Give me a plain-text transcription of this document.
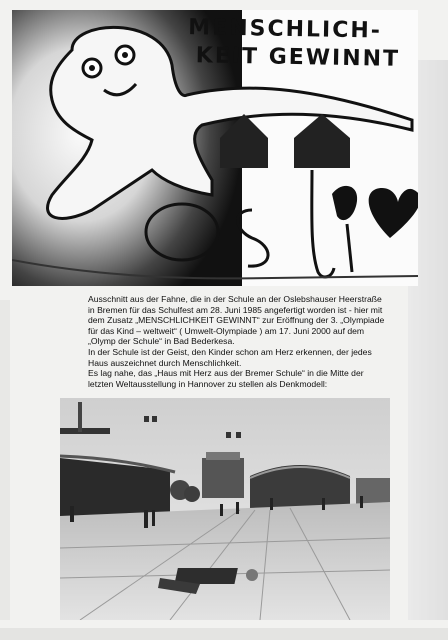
MENSCHLICH-
KEIT GEWINNT

Ausschnitt aus der Fahne, die in der Schule an der Oslebshauser Heerstraße in Bremen für das Schulfest am 28. Juni 1985 angefertigt worden ist - hier mit dem Zusatz „MENSCHLICHKEIT GEWINNT“ zur Eröffnung der 3. „Olympiade für das Kind – weltweit“ ( Umwelt-Olympiade ) am 17. Juni 2000 auf dem „Olymp der Schule“ in Bad Bederkesa.

In der Schule ist der Geist, den Kinder schon am Herz erkennen, der jedes Haus auszeichnet durch Menschlichkeit.

Es lag nahe, das „Haus mit Herz aus der Bremer Schule“ in die Mitte der letzten Weltausstellung in Hannover zu stellen als Denkmodell:
